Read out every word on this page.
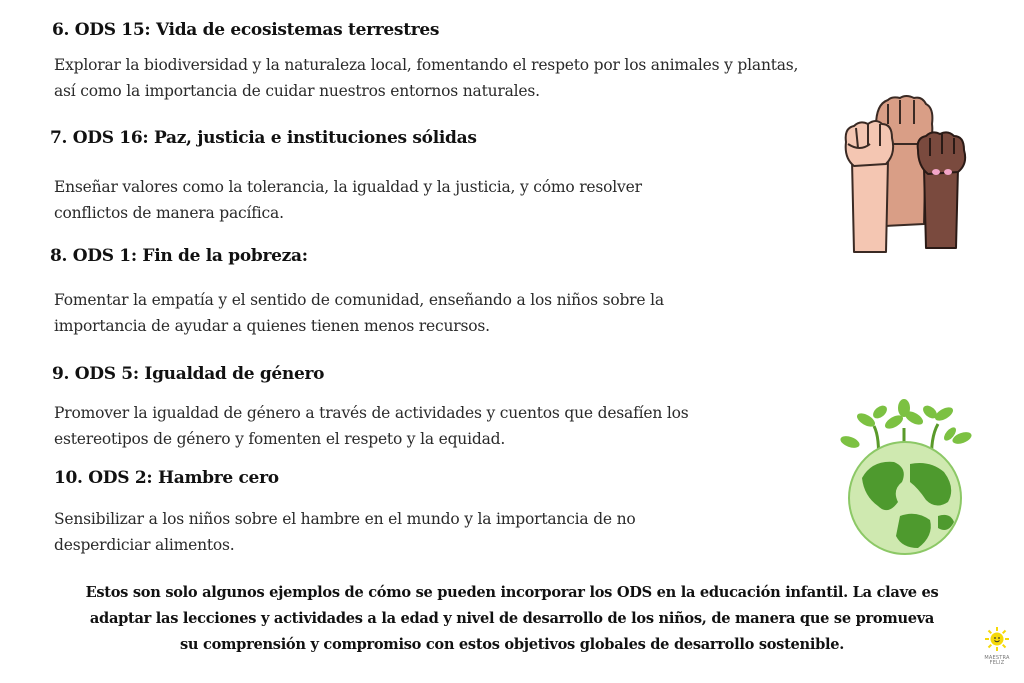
6. ODS 15: Vida de ecosistemas terrestres

Explorar la biodiversidad y la naturaleza local, fomentando el respeto por los animales y plantas,
así como la importancia de cuidar nuestros entornos naturales.

7. ODS 16: Paz, justicia e instituciones sólidas

Enseñar valores como la tolerancia, la igualdad y la justicia, y cómo resolver
conflictos de manera pacífica.

8. ODS 1: Fin de la pobreza:

Fomentar la empatía y el sentido de comunidad, enseñando a los niños sobre la
importancia de ayudar a quienes tienen menos recursos.

9. ODS 5: Igualdad de género

Promover la igualdad de género a través de actividades y cuentos que desafíen los
estereotipos de género y fomenten el respeto y la equidad.

10. ODS 2: Hambre cero

Sensibilizar a los niños sobre el hambre en el mundo y la importancia de no
desperdiciar alimentos.

Estos son solo algunos ejemplos de cómo se pueden incorporar los ODS en la educación infantil. La clave es
adaptar las lecciones y actividades a la edad y nivel de desarrollo de los niños, de manera que se promueva
su comprensión y compromiso con estos objetivos globales de desarrollo sostenible.

MAESTRA
FELIZ
